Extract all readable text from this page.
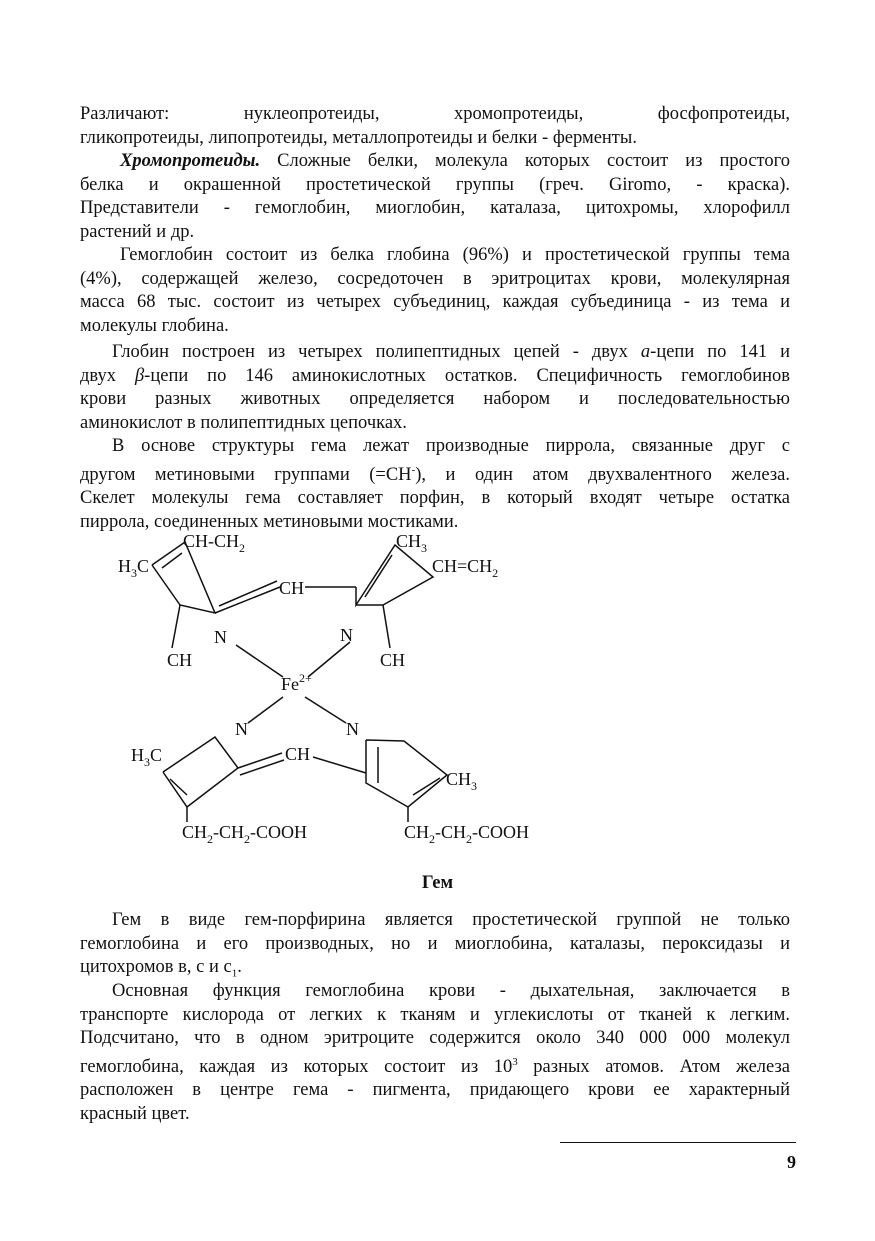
Различают: нуклеопротеиды, хромопротеиды, фосфопротеиды,
гликопротеиды, липопротеиды, металлопротеиды и белки - ферменты.

Хромопротеиды. Сложные белки, молекула которых состоит из простого
белка и окрашенной простетической группы (греч. Giromo, - краска).
Представители - гемоглобин, миоглобин, каталаза, цитохромы, хлорофилл
растений и др.

Гемоглобин состоит из белка глобина (96%) и простетической группы тема
(4%), содержащей железо, сосредоточен в эритроцитах крови, молекулярная
масса 68 тыс. состоит из четырех субъединиц, каждая субъединица - из тема и
молекулы глобина.

Глобин построен из четырех полипептидных цепей - двух а-цепи по 141 и
двух β-цепи по 146 аминокислотных остатков. Специфичность гемоглобинов
крови разных животных определяется набором и последовательностью
аминокислот в полипептидных цепочках.

В основе структуры гема лежат производные пиррола, связанные друг с
другом метиновыми группами (=СН-), и один атом двухвалентного железа.
Скелет молекулы гема составляет порфин, в который входят четыре остатка
пиррола, соединенных метиновыми мостиками.

$СН-СН_2$
$Н_3С$
СН
$СН_3$
$СН=СН_2$
N	N
СН	СН
$Fe^{2+}$
N	N
$Н_3С$	СН
$СН_3$
$СН_2-СН_2$-СООН	$СН_2-СН_2$-СООН
Гем

Гем в виде гем-порфирина является простетической группой не только
гемоглобина и его производных, но и миоглобина, каталазы, пероксидазы и
цитохромов в, с и $с_1$.

Основная функция гемоглобина крови - дыхательная, заключается в
транспорте кислорода от легких к тканям и углекислоты от тканей к легким.
Подсчитано, что в одном эритроците содержится около 340 000 000 молекул
гемоглобина, каждая из которых состоит из $10^3$ разных атомов. Атом железа
расположен в центре гема - пигмента, придающего крови ее характерный
красный цвет.

9
